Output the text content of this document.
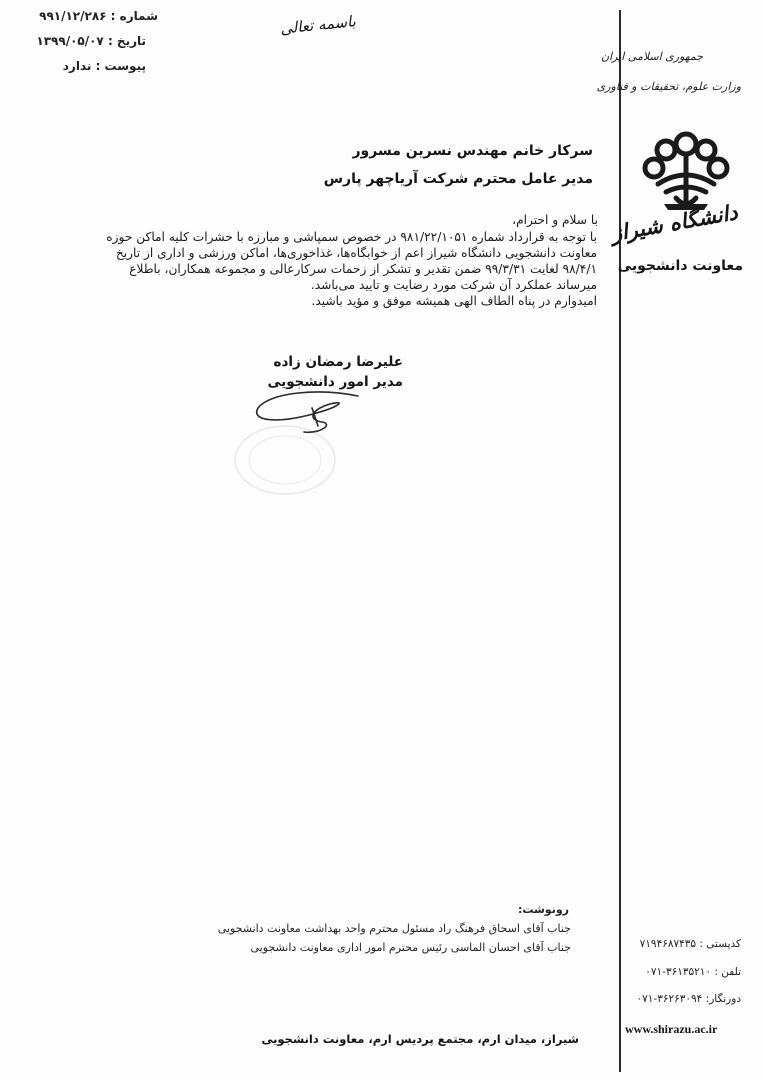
شماره : ۹۹۱/۱۲/۲۸۶
تاریخ : ۱۳۹۹/۰۵/۰۷
پیوست : ندارد
باسمه تعالی
جمهوری اسلامی ایران
وزارت علوم، تحقیقات و فناوری
دانشگاه شیراز
معاونت دانشجویی
کدپستی : ۷۱۹۴۶۸۷۴۳۵
تلفن : ۳۶۱۳۵۲۱۰-۰۷۱
دورنگار: ۳۶۲۶۳۰۹۴-۰۷۱
www.shirazu.ac.ir
سرکار خانم مهندس نسرین مسرور
مدیر عامل محترم شرکت آریاچهر پارس
با سلام و احترام،
با توجه به قرارداد شماره ۹۸۱/۲۲/۱۰۵۱ در خصوص سمپاشی و مبارزه با حشرات کلیه اماکن حوزه
معاونت دانشجویی دانشگاه شیراز اعم از خوابگاه‌ها، غذاخوری‌ها، اماکن ورزشی و اداری از تاریخ
۹۸/۴/۱ لغایت ۹۹/۳/۳۱ ضمن تقدیر و تشکر از زحمات سرکارعالی و مجموعه همکاران، باطلاع
میرساند عملکرد آن شرکت مورد رضایت و تایید می‌باشد.
امیدوارم در پناه الطاف الهی همیشه موفق و مؤید باشید.
علیرضا رمضان زاده
مدیر امور دانشجویی
رونوشت:
جناب آقای اسحاق فرهنگ راد مسئول محترم واحد بهداشت معاونت دانشجویی
جناب آقای احسان الماسی رئیس محترم امور اداری معاونت دانشجویی
شیراز، میدان ارم، مجتمع پردیس ارم، معاونت دانشجویی
